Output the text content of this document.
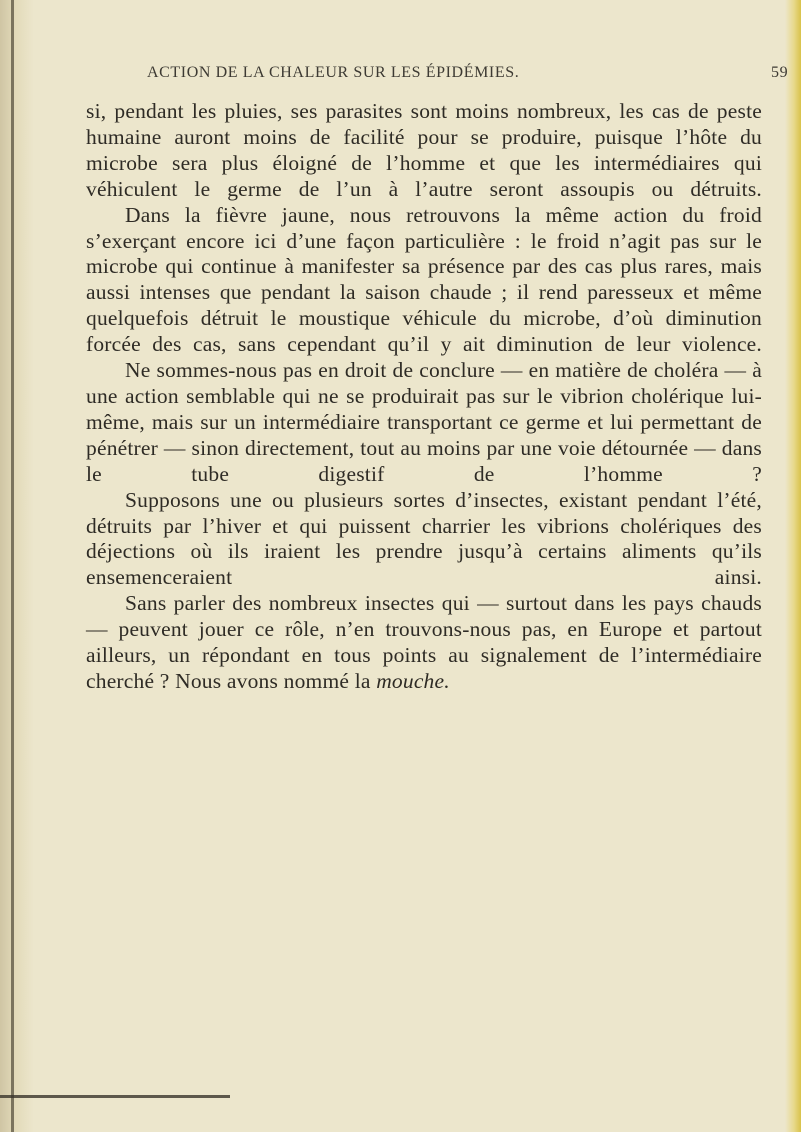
ACTION DE LA CHALEUR SUR LES ÉPIDÉMIES.	59

si, pendant les pluies, ses parasites sont moins nombreux, les cas de peste humaine auront moins de facilité pour se produire, puisque l’hôte du microbe sera plus éloigné de l’homme et que les intermédiaires qui véhiculent le germe de l’un à l’autre seront assoupis ou détruits.

Dans la fièvre jaune, nous retrouvons la même action du froid s’exerçant encore ici d’une façon particulière : le froid n’agit pas sur le microbe qui continue à manifester sa présence par des cas plus rares, mais aussi intenses que pendant la saison chaude ; il rend paresseux et même quelquefois détruit le moustique véhicule du microbe, d’où diminution forcée des cas, sans cependant qu’il y ait diminution de leur violence.

Ne sommes-nous pas en droit de conclure — en matière de choléra — à une action semblable qui ne se produirait pas sur le vibrion cholérique lui-même, mais sur un intermédiaire transportant ce germe et lui permettant de pénétrer — sinon directement, tout au moins par une voie détournée — dans le tube digestif de l’homme ?

Supposons une ou plusieurs sortes d’insectes, existant pendant l’été, détruits par l’hiver et qui puissent charrier les vibrions cholériques des déjections où ils iraient les prendre jusqu’à certains aliments qu’ils ensemenceraient ainsi.

Sans parler des nombreux insectes qui — surtout dans les pays chauds — peuvent jouer ce rôle, n’en trouvons-nous pas, en Europe et partout ailleurs, un répondant en tous points au signalement de l’intermédiaire cherché ? Nous avons nommé la mouche.
